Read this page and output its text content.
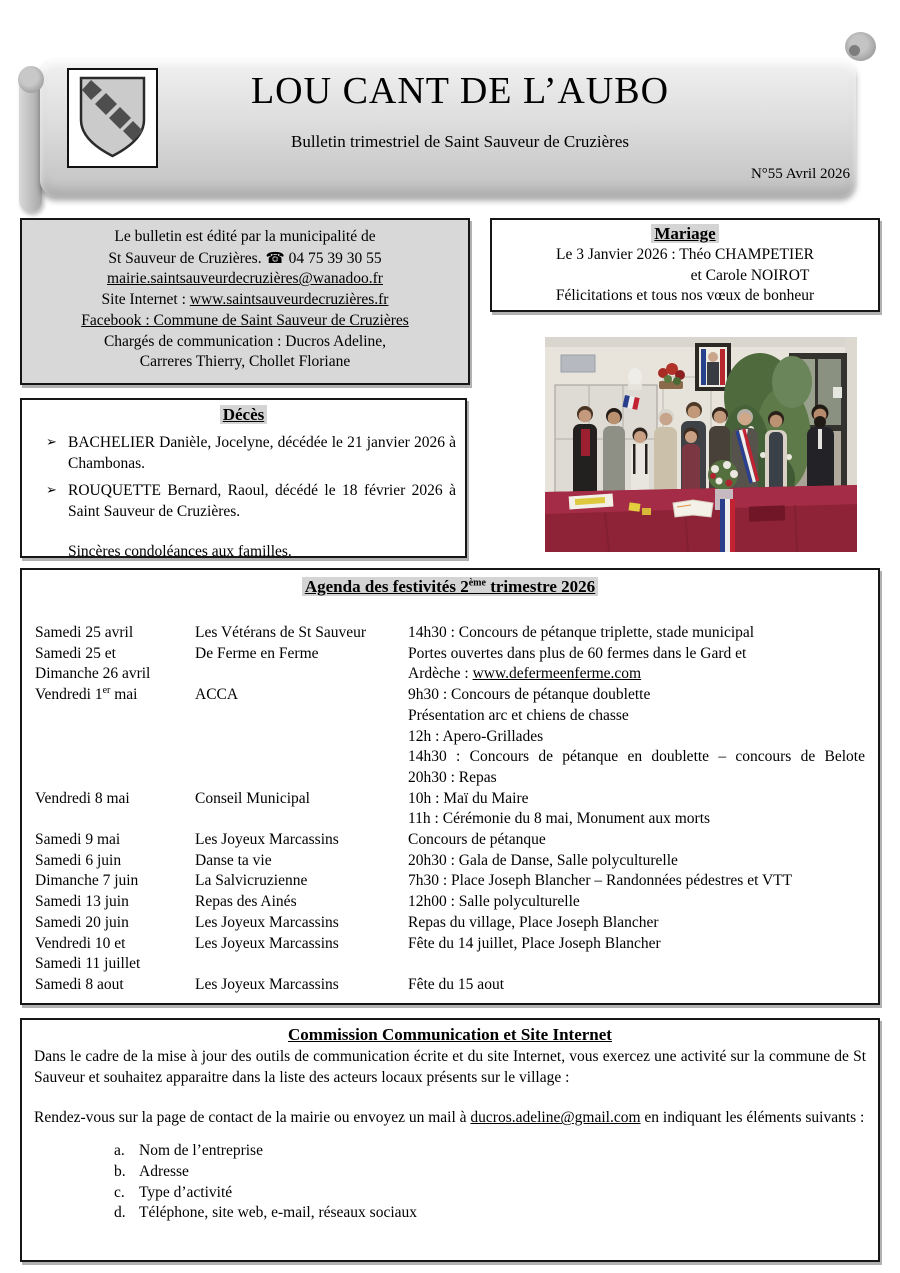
LOU CANT DE L’AUBO
Bulletin trimestriel de Saint Sauveur de Cruzières
N°55 Avril 2026
Le bulletin est édité par la municipalité de
St Sauveur de Cruzières. ☎ 04 75 39 30 55
mairie.saintsauveurdecruzières@wanadoo.fr
Site Internet : www.saintsauveurdecruzières.fr
Facebook : Commune de Saint Sauveur de Cruzières
Chargés de communication : Ducros Adeline,
Carreres Thierry, Chollet Floriane
Mariage
Le 3 Janvier 2026 : Théo CHAMPETIER
et Carole NOIROT
Félicitations et tous nos vœux de bonheur
Décès
➢ BACHELIER Danièle, Jocelyne, décédée le 21 janvier 2026 à Chambonas.
➢ ROUQUETTE Bernard, Raoul, décédé le 18 février 2026 à Saint Sauveur de Cruzières.
Sincères condoléances aux familles.
Agenda des festivités 2ème trimestre 2026
Samedi 25 avril	Les Vétérans de St Sauveur	14h30 : Concours de pétanque triplette, stade municipal
Samedi 25 et	De Ferme en Ferme	Portes ouvertes dans plus de 60 fermes dans le Gard et
Dimanche 26 avril	Ardèche : www.defermeenferme.com
Vendredi 1er mai	ACCA	9h30 : Concours de pétanque doublette
Présentation arc et chiens de chasse
12h : Apero-Grillades
14h30 : Concours de pétanque en doublette – concours de Belote
20h30 : Repas
Vendredi 8 mai	Conseil Municipal	10h : Maï du Maire
11h : Cérémonie du 8 mai, Monument aux morts
Samedi 9 mai	Les Joyeux Marcassins	Concours de pétanque
Samedi 6 juin	Danse ta vie	20h30 : Gala de Danse, Salle polyculturelle
Dimanche 7 juin	La Salvicruzienne	7h30 : Place Joseph Blancher – Randonnées pédestres et VTT
Samedi 13 juin	Repas des Ainés	12h00 : Salle polyculturelle
Samedi 20 juin	Les Joyeux Marcassins	Repas du village, Place Joseph Blancher
Vendredi 10 et	Les Joyeux Marcassins	Fête du 14 juillet, Place Joseph Blancher
Samedi 11 juillet
Samedi 8 aout	Les Joyeux Marcassins	Fête du 15 aout
Commission Communication et Site Internet

Dans le cadre de la mise à jour des outils de communication écrite et du site Internet, vous exercez une activité sur la commune de St Sauveur et souhaitez apparaitre dans la liste des acteurs locaux présents sur le village :

Rendez-vous sur la page de contact de la mairie ou envoyez un mail à ducros.adeline@gmail.com en indiquant les éléments suivants :

a. Nom de l’entreprise
b. Adresse
c. Type d’activité
d. Téléphone, site web, e-mail, réseaux sociaux
